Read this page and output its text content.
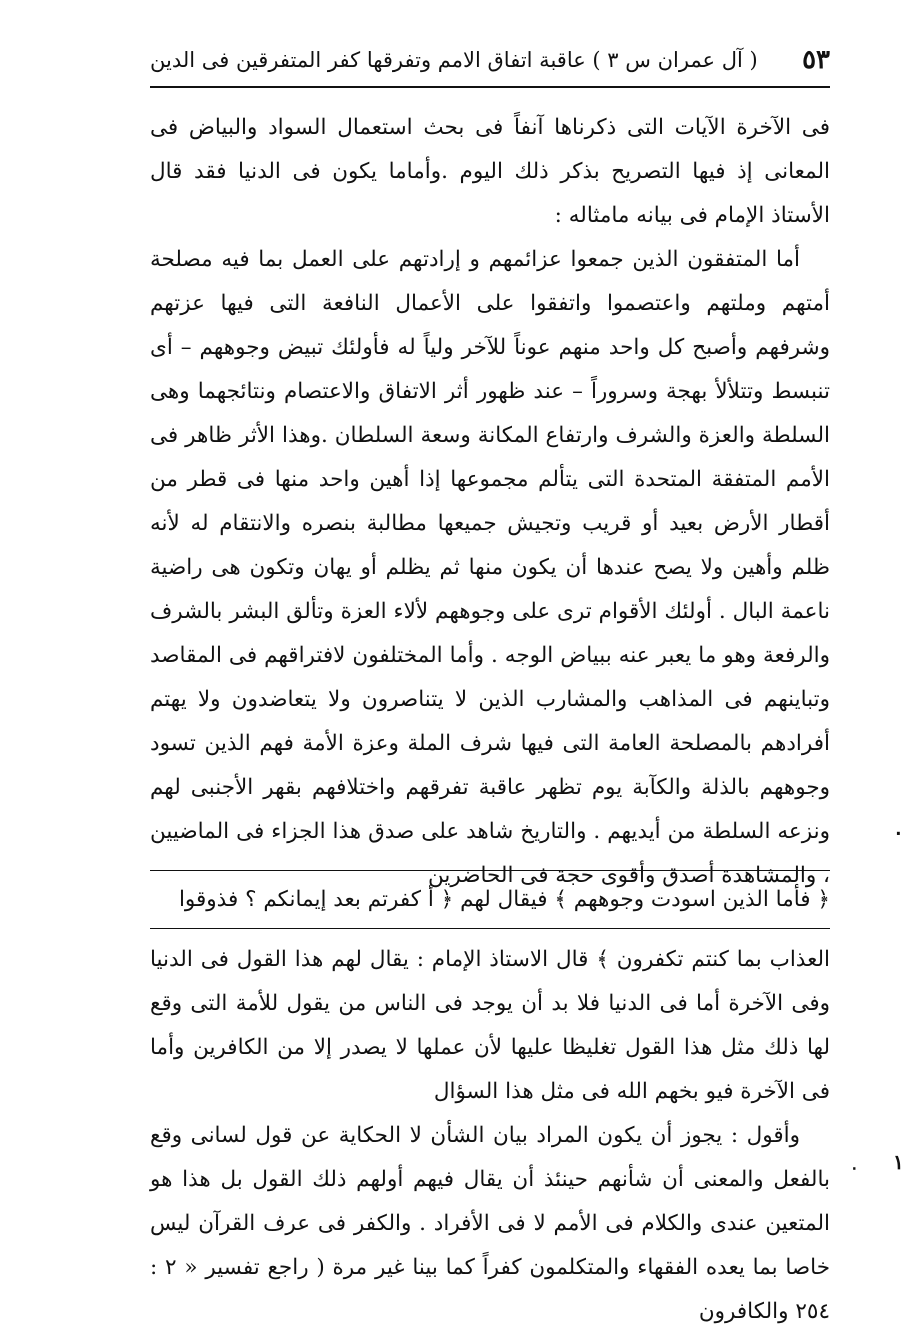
٥٣
( آل عمران س ٣ ) عاقبة اتفاق الامم وتفرقها كفر المتفرقين فى الدين
فى الآخرة الآيات التى ذكرناها آنفاً فى بحث استعمال السواد والبياض فى المعانى إذ فيها التصريح بذكر ذلك اليوم .وأماما يكون فى الدنيا فقد قال الأستاذ الإمام فى بيانه مامثاله :
أما المتفقون الذين جمعوا عزائمهم و إرادتهم على العمل بما فيه مصلحة أمتهم وملتهم واعتصموا واتفقوا على الأعمال النافعة التى فيها عزتهم وشرفهم وأصبح كل واحد منهم عوناً للآخر ولياً له فأولئك تبيض وجوههم – أى تنبسط وتتلألأ بهجة وسروراً – عند ظهور أثر الاتفاق والاعتصام ونتائجهما وهى السلطة والعزة والشرف وارتفاع المكانة وسعة السلطان .وهذا الأثر ظاهر فى الأمم المتفقة المتحدة التى يتألم مجموعها إذا أهين واحد منها فى قطر من أقطار الأرض بعيد أو قريب وتجيش جميعها مطالبة بنصره والانتقام له لأنه ظلم وأهين ولا يصح عندها أن يكون منها ثم يظلم أو يهان وتكون هى راضية ناعمة البال . أولئك الأقوام ترى على وجوههم لألاء العزة وتألق البشر بالشرف والرفعة وهو ما يعبر عنه ببياض الوجه . وأما المختلفون لافتراقهم فى المقاصد وتباينهم فى المذاهب والمشارب الذين لا يتناصرون ولا يتعاضدون ولا يهتم أفرادهم بالمصلحة العامة التى فيها شرف الملة وعزة الأمة فهم الذين تسود وجوههم بالذلة والكآبة يوم تظهر عاقبة تفرقهم واختلافهم بقهر الأجنبى لهم ونزعه السلطة من أيديهم . والتاريخ شاهد على صدق هذا الجزاء فى الماضيين ، والمشاهدة أصدق وأقوى حجة فى الحاضرين
﴿ فأما الذين اسودت وجوههم ﴾ فيقال لهم ﴿ أ كفرتم بعد إيمانكم ؟ فذوقوا
العذاب بما كنتم تكفرون ﴾ قال الاستاذ الإمام : يقال لهم هذا القول فى الدنيا وفى الآخرة أما فى الدنيا فلا بد أن يوجد فى الناس من يقول للأمة التى وقع لها ذلك مثل هذا القول تغليظا عليها لأن عملها لا يصدر إلا من الكافرين وأما فى الآخرة فيو بخهم الله فى مثل هذا السؤال
وأقول : يجوز أن يكون المراد بيان الشأن لا الحكاية عن قول لسانى وقع بالفعل والمعنى أن شأنهم حينئذ أن يقال فيهم أولهم ذلك القول بل هذا هو المتعين عندى والكلام فى الأمم لا فى الأفراد . والكفر فى عرف القرآن ليس خاصا بما يعده الفقهاء والمتكلمون كفراً كما بينا غير مرة ( راجع تفسير « ٢ : ٢٥٤ والكافرون
٠
١
٠
